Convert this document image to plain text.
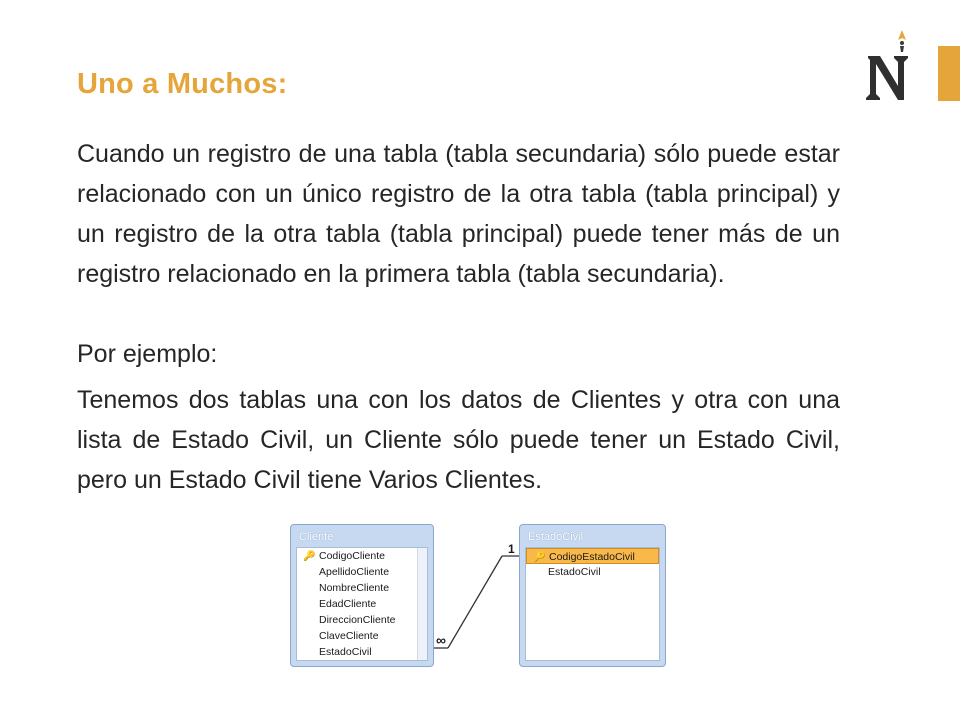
Uno a Muchos:

Cuando un registro de una tabla (tabla secundaria) sólo puede estar relacionado con un único registro de la otra tabla (tabla principal) y un registro de la otra tabla (tabla principal) puede tener más de un registro relacionado en la primera tabla (tabla secundaria).

Por ejemplo:

Tenemos dos tablas una con los datos de Clientes y otra con una lista de Estado Civil, un Cliente sólo puede tener un Estado Civil, pero un Estado Civil tiene Varios Clientes.

Cliente
🔑 CodigoCliente
ApellidoCliente
NombreCliente
EdadCliente
DireccionCliente
ClaveCliente
EstadoCivil
EstadoCivil
🔑 CodigoEstadoCivil
EstadoCivil
1
∞
